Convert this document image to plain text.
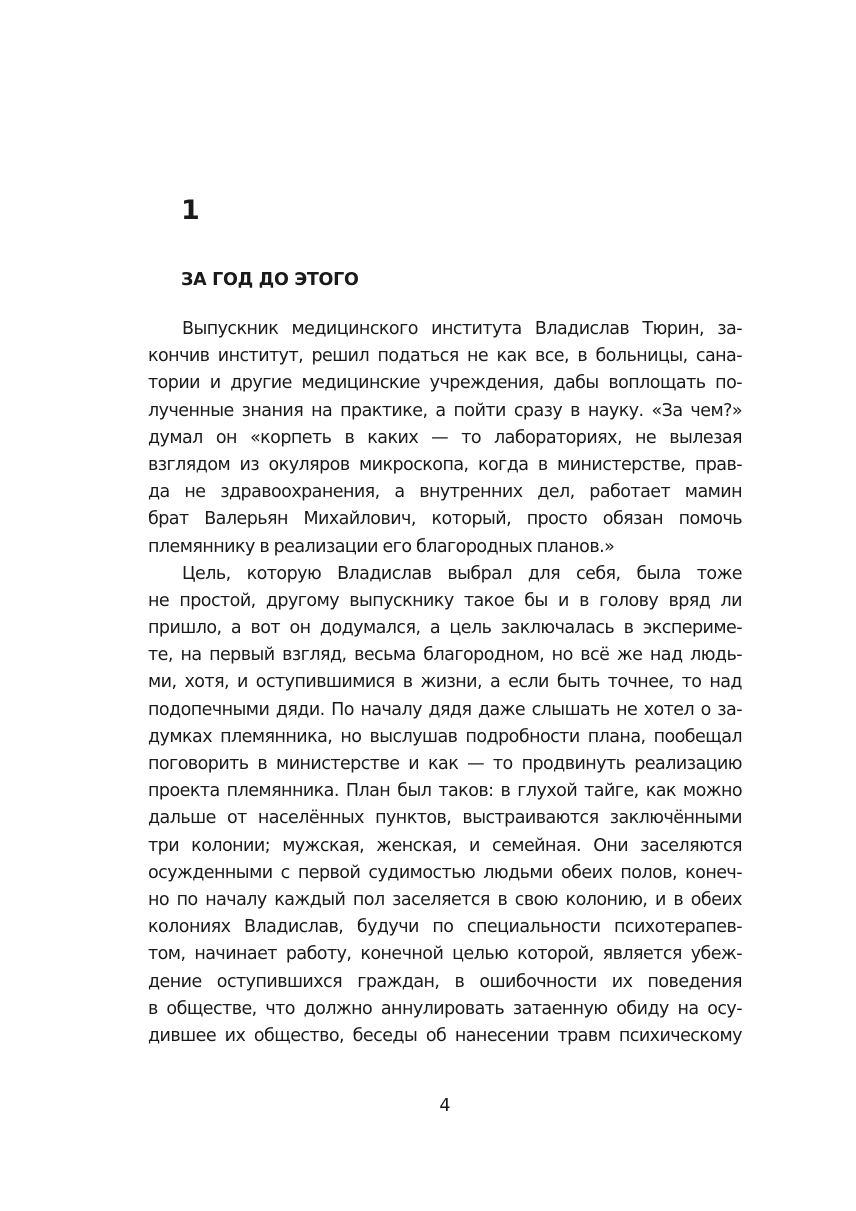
1
ЗА ГОД ДО ЭТОГО
Выпускник медицинского института Владислав Тюрин, за-
кончив институт, решил податься не как все, в больницы, сана-
тории и другие медицинские учреждения, дабы воплощать по-
лученные знания на практике, а пойти сразу в науку. «За чем?»
думал он «корпеть в каких — то лабораториях, не вылезая
взглядом из окуляров микроскопа, когда в министерстве, прав-
да не здравоохранения, а внутренних дел, работает мамин
брат Валерьян Михайлович, который, просто обязан помочь
племяннику в реализации его благородных планов.»
Цель, которую Владислав выбрал для себя, была тоже
не простой, другому выпускнику такое бы и в голову вряд ли
пришло, а вот он додумался, а цель заключалась в экспериме-
те, на первый взгляд, весьма благородном, но всё же над людь-
ми, хотя, и оступившимися в жизни, а если быть точнее, то над
подопечными дяди. По началу дядя даже слышать не хотел о за-
думках племянника, но выслушав подробности плана, пообещал
поговорить в министерстве и как — то продвинуть реализацию
проекта племянника. План был таков: в глухой тайге, как можно
дальше от населённых пунктов, выстраиваются заключёнными
три колонии; мужская, женская, и семейная. Они заселяются
осужденными с первой судимостью людьми обеих полов, конеч-
но по началу каждый пол заселяется в свою колонию, и в обеих
колониях Владислав, будучи по специальности психотерапев-
том, начинает работу, конечной целью которой, является убеж-
дение оступившихся граждан, в ошибочности их поведения
в обществе, что должно аннулировать затаенную обиду на осу-
дившее их общество, беседы об нанесении травм психическому
4
